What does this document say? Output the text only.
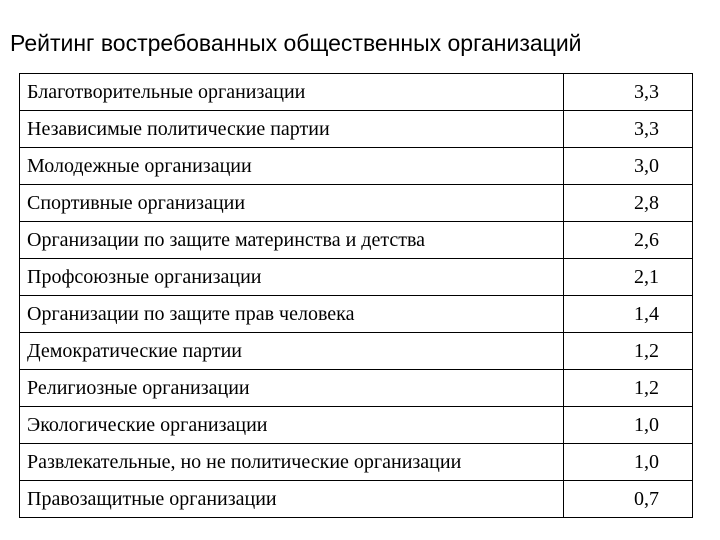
Рейтинг востребованных общественных организаций
Благотворительные организации	3,3
Независимые политические партии	3,3
Молодежные организации	3,0
Спортивные организации	2,8
Организации по защите материнства и детства	2,6
Профсоюзные организации	2,1
Организации по защите прав человека	1,4
Демократические партии	1,2
Религиозные организации	1,2
Экологические организации	1,0
Развлекательные, но не политические организации	1,0
Правозащитные организации	0,7
